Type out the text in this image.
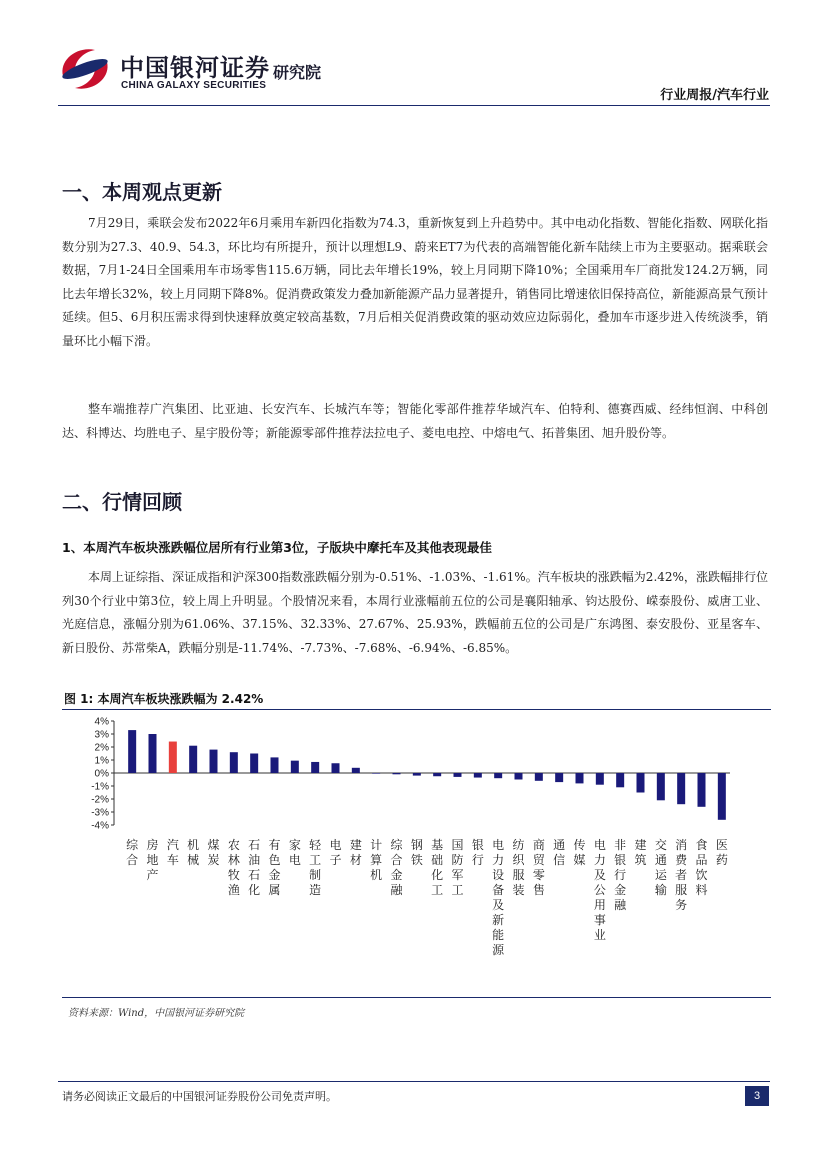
中国银河证券
CHINA GALAXY SECURITIES
研究院
行业周报/汽车行业
一、本周观点更新
7月29日，乘联会发布2022年6月乘用车新四化指数为74.3，重新恢复到上升趋势中。其中电动化指数、智能化指数、网联化指数分别为27.3、40.9、54.3，环比均有所提升，预计以理想L9、蔚来ET7为代表的高端智能化新车陆续上市为主要驱动。据乘联会数据，7月1-24日全国乘用车市场零售115.6万辆，同比去年增长19%，较上月同期下降10%；全国乘用车厂商批发124.2万辆，同比去年增长32%，较上月同期下降8%。促消费政策发力叠加新能源产品力显著提升，销售同比增速依旧保持高位，新能源高景气预计延续。但5、6月积压需求得到快速释放奠定较高基数，7月后相关促消费政策的驱动效应边际弱化，叠加车市逐步进入传统淡季，销量环比小幅下滑。
整车端推荐广汽集团、比亚迪、长安汽车、长城汽车等；智能化零部件推荐华域汽车、伯特利、德赛西威、经纬恒润、中科创达、科博达、均胜电子、星宇股份等；新能源零部件推荐法拉电子、菱电电控、中熔电气、拓普集团、旭升股份等。
二、行情回顾
1、本周汽车板块涨跌幅位居所有行业第3位，子版块中摩托车及其他表现最佳
本周上证综指、深证成指和沪深300指数涨跌幅分别为-0.51%、-1.03%、-1.61%。汽车板块的涨跌幅为2.42%，涨跌幅排行位列30个行业中第3位，较上周上升明显。个股情况来看，本周行业涨幅前五位的公司是襄阳轴承、钧达股份、嵘泰股份、威唐工业、光庭信息，涨幅分别为61.06%、37.15%、32.33%、27.67%、25.93%，跌幅前五位的公司是广东鸿图、泰安股份、亚星客车、新日股份、苏常柴A，跌幅分别是-11.74%、-7.73%、-7.68%、-6.94%、-6.85%。
图 1: 本周汽车板块涨跌幅为 2.42%
4%
3%
2%
1%
0%
-1%
-2%
-3%
-4%
综合
房地产
汽车
机械
煤炭
农林牧渔
石油石化
有色金属
家电
轻工制造
电子
建材
计算机
综合金融
钢铁
基础化工
国防军工
银行
电力设备及新能源
纺织服装
商贸零售
通信
传媒
电力及公用事业
非银行金融
建筑
交通运输
消费者服务
食品饮料
医药
资料来源：Wind，中国银河证券研究院
请务必阅读正文最后的中国银河证券股份公司免责声明。	3
